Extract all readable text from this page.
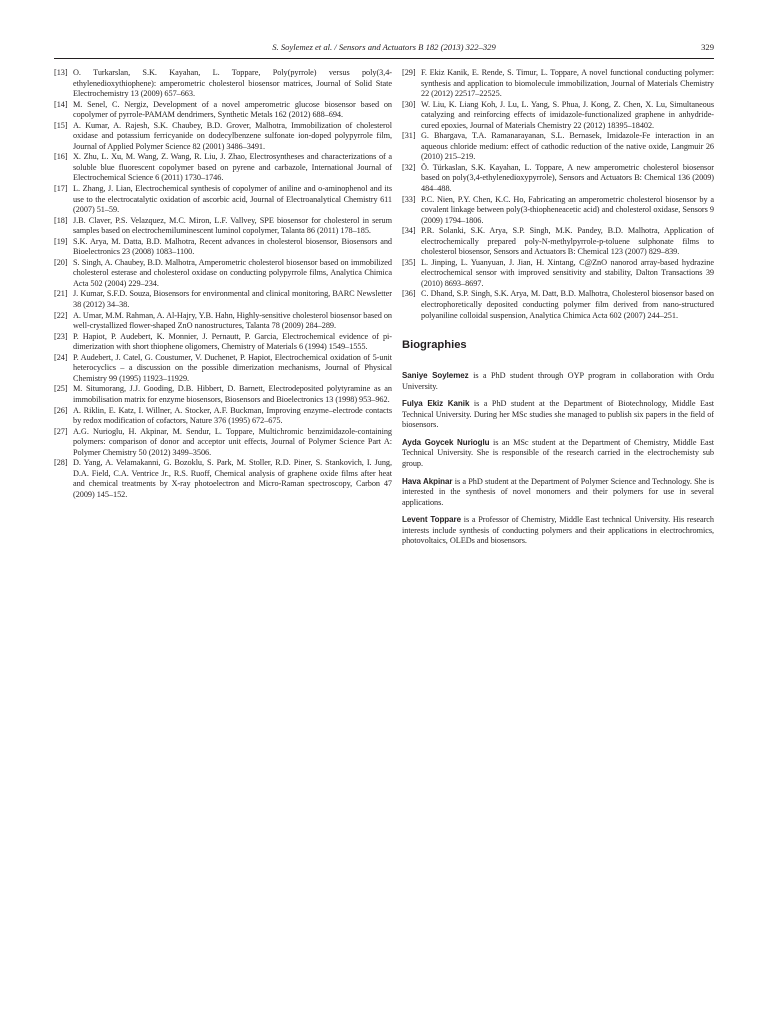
S. Soylemez et al. / Sensors and Actuators B 182 (2013) 322–329	329
[13] O. Turkarslan, S.K. Kayahan, L. Toppare, Poly(pyrrole) versus poly(3,4-ethylenedioxythiophene): amperometric cholesterol biosensor matrices, Journal of Solid State Electrochemistry 13 (2009) 657–663.
[14] M. Senel, C. Nergiz, Development of a novel amperometric glucose biosensor based on copolymer of pyrrole-PAMAM dendrimers, Synthetic Metals 162 (2012) 688–694.
[15] A. Kumar, A. Rajesh, S.K. Chaubey, B.D. Grover, Malhotra, Immobilization of cholesterol oxidase and potassium ferricyanide on dodecylbenzene sulfonate ion-doped polypyrrole film, Journal of Applied Polymer Science 82 (2001) 3486–3491.
[16] X. Zhu, L. Xu, M. Wang, Z. Wang, R. Liu, J. Zhao, Electrosyntheses and characterizations of a soluble blue fluorescent copolymer based on pyrene and carbazole, International Journal of Electrochemical Science 6 (2011) 1730–1746.
[17] L. Zhang, J. Lian, Electrochemical synthesis of copolymer of aniline and o-aminophenol and its use to the electrocatalytic oxidation of ascorbic acid, Journal of Electroanalytical Chemistry 611 (2007) 51–59.
[18] J.B. Claver, P.S. Velazquez, M.C. Miron, L.F. Vallvey, SPE biosensor for cholesterol in serum samples based on electrochemiluminescent luminol copolymer, Talanta 86 (2011) 178–185.
[19] S.K. Arya, M. Datta, B.D. Malhotra, Recent advances in cholesterol biosensor, Biosensors and Bioelectronics 23 (2008) 1083–1100.
[20] S. Singh, A. Chaubey, B.D. Malhotra, Amperometric cholesterol biosensor based on immobilized cholesterol esterase and cholesterol oxidase on conducting polypyrrole films, Analytica Chimica Acta 502 (2004) 229–234.
[21] J. Kumar, S.F.D. Souza, Biosensors for environmental and clinical monitoring, BARC Newsletter 38 (2012) 34–38.
[22] A. Umar, M.M. Rahman, A. Al-Hajry, Y.B. Hahn, Highly-sensitive cholesterol biosensor based on well-crystallized flower-shaped ZnO nanostructures, Talanta 78 (2009) 284–289.
[23] P. Hapiot, P. Audebert, K. Monnier, J. Pernautt, P. Garcia, Electrochemical evidence of pi-dimerization with short thiophene oligomers, Chemistry of Materials 6 (1994) 1549–1555.
[24] P. Audebert, J. Catel, G. Coustumer, V. Duchenet, P. Hapiot, Electrochemical oxidation of 5-unit heterocyclics – a discussion on the possible dimerization mechanisms, Journal of Physical Chemistry 99 (1995) 11923–11929.
[25] M. Situmorang, J.J. Gooding, D.B. Hibbert, D. Barnett, Electrodeposited polytyramine as an immobilisation matrix for enzyme biosensors, Biosensors and Bioelectronics 13 (1998) 953–962.
[26] A. Riklin, E. Katz, I. Willner, A. Stocker, A.F. Buckman, Improving enzyme–electrode contacts by redox modification of cofactors, Nature 376 (1995) 672–675.
[27] A.G. Nurioglu, H. Akpinar, M. Sendur, L. Toppare, Multichromic benzimidazole-containing polymers: comparison of donor and acceptor unit effects, Journal of Polymer Science Part A: Polymer Chemistry 50 (2012) 3499–3506.
[28] D. Yang, A. Velamakanni, G. Bozoklu, S. Park, M. Stoller, R.D. Piner, S. Stankovich, I. Jung, D.A. Field, C.A. Ventrice Jr., R.S. Ruoff, Chemical analysis of graphene oxide films after heat and chemical treatments by X-ray photoelectron and Micro-Raman spectroscopy, Carbon 47 (2009) 145–152.
[29] F. Ekiz Kanik, E. Rende, S. Timur, L. Toppare, A novel functional conducting polymer: synthesis and application to biomolecule immobilization, Journal of Materials Chemistry 22 (2012) 22517–22525.
[30] W. Liu, K. Liang Koh, J. Lu, L. Yang, S. Phua, J. Kong, Z. Chen, X. Lu, Simultaneous catalyzing and reinforcing effects of imidazole-functionalized graphene in anhydride-cured epoxies, Journal of Materials Chemistry 22 (2012) 18395–18402.
[31] G. Bhargava, T.A. Ramanarayanan, S.L. Bernasek, Imidazole-Fe interaction in an aqueous chloride medium: effect of cathodic reduction of the native oxide, Langmuir 26 (2010) 215–219.
[32] Ö. Türkaslan, S.K. Kayahan, L. Toppare, A new amperometric cholesterol biosensor based on poly(3,4-ethylenedioxypyrrole), Sensors and Actuators B: Chemical 136 (2009) 484–488.
[33] P.C. Nien, P.Y. Chen, K.C. Ho, Fabricating an amperometric cholesterol biosensor by a covalent linkage between poly(3-thiopheneacetic acid) and cholesterol oxidase, Sensors 9 (2009) 1794–1806.
[34] P.R. Solanki, S.K. Arya, S.P. Singh, M.K. Pandey, B.D. Malhotra, Application of electrochemically prepared poly-N-methylpyrrole-p-toluene sulphonate films to cholesterol biosensor, Sensors and Actuators B: Chemical 123 (2007) 829–839.
[35] L. Jinping, L. Yuanyuan, J. Jian, H. Xintang, C@ZnO nanorod array-based hydrazine electrochemical sensor with improved sensitivity and stability, Dalton Transactions 39 (2010) 8693–8697.
[36] C. Dhand, S.P. Singh, S.K. Arya, M. Datt, B.D. Malhotra, Cholesterol biosensor based on electrophoretically deposited conducting polymer film derived from nano-structured polyaniline colloidal suspension, Analytica Chimica Acta 602 (2007) 244–251.
Biographies

Saniye Soylemez is a PhD student through OYP program in collaboration with Ordu University.

Fulya Ekiz Kanik is a PhD student at the Department of Biotechnology, Middle East Technical University. During her MSc studies she managed to publish six papers in the field of biosensors.

Ayda Goycek Nurioglu is an MSc student at the Department of Chemistry, Middle East Technical University. She is responsible of the research carried in the electrochemisty sub group.

Hava Akpinar is a PhD student at the Department of Polymer Science and Technology. She is interested in the synthesis of novel monomers and their polymers for use in several applications.

Levent Toppare is a Professor of Chemistry, Middle East technical University. His research interests include synthesis of conducting polymers and their applications in electrochromics, photovoltaics, OLEDs and biosensors.
